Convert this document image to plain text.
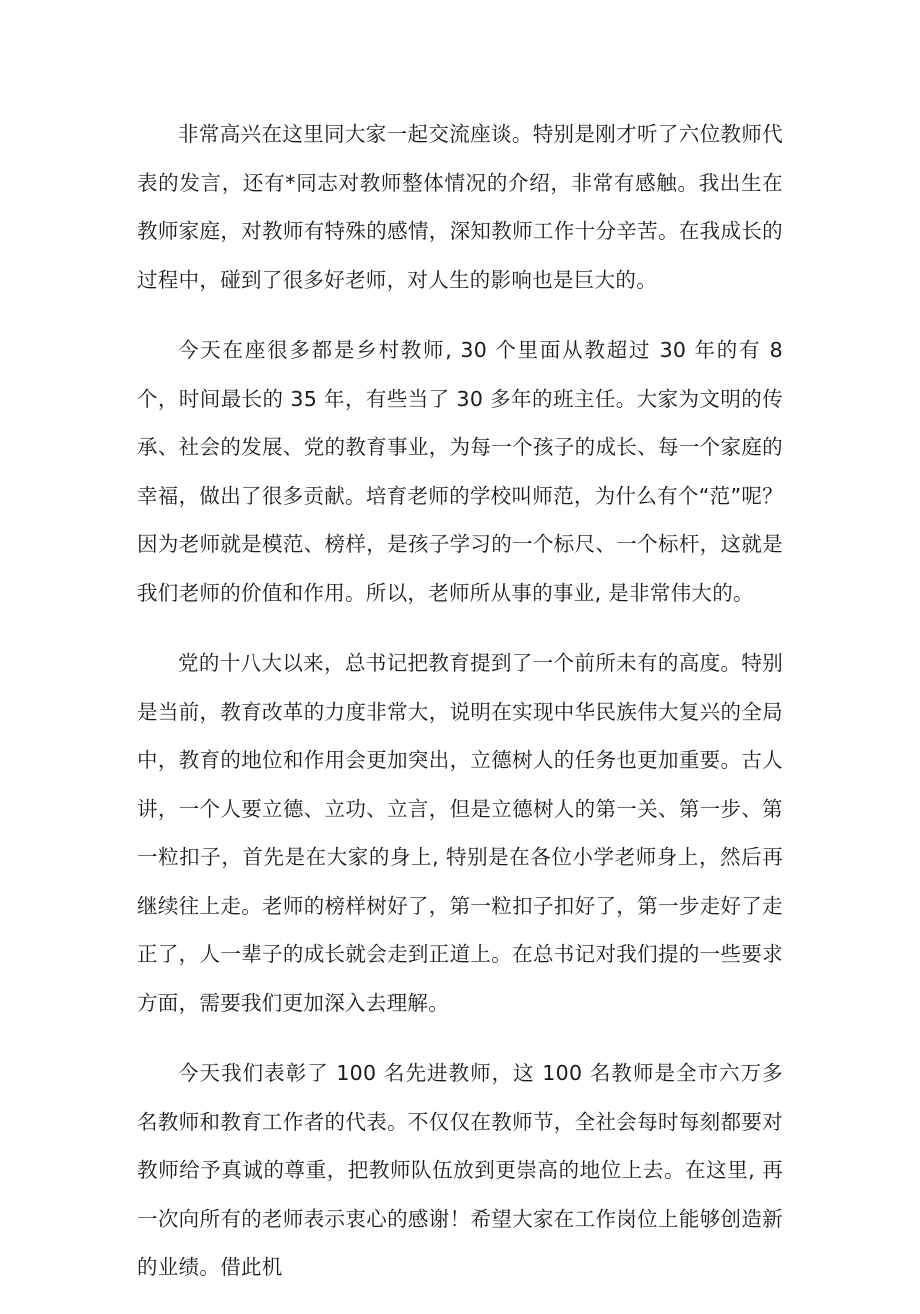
非常高兴在这里同大家一起交流座谈。特别是刚才听了六位教师代表的发言，还有*同志对教师整体情况的介绍，非常有感触。我出生在教师家庭，对教师有特殊的感情，深知教师工作十分辛苦。在我成长的过程中，碰到了很多好老师，对人生的影响也是巨大的。

今天在座很多都是乡村教师, 30 个里面从教超过 30 年的有 8 个，时间最长的 35 年，有些当了 30 多年的班主任。大家为文明的传承、社会的发展、党的教育事业，为每一个孩子的成长、每一个家庭的幸福，做出了很多贡献。培育老师的学校叫师范，为什么有个“范”呢？因为老师就是模范、榜样，是孩子学习的一个标尺、一个标杆，这就是我们老师的价值和作用。所以，老师所从事的事业, 是非常伟大的。

党的十八大以来，总书记把教育提到了一个前所未有的高度。特别是当前，教育改革的力度非常大，说明在实现中华民族伟大复兴的全局中，教育的地位和作用会更加突出，立德树人的任务也更加重要。古人讲，一个人要立德、立功、立言，但是立德树人的第一关、第一步、第一粒扣子，首先是在大家的身上, 特别是在各位小学老师身上，然后再继续往上走。老师的榜样树好了，第一粒扣子扣好了，第一步走好了走正了，人一辈子的成长就会走到正道上。在总书记对我们提的一些要求方面，需要我们更加深入去理解。

今天我们表彰了 100 名先进教师，这 100 名教师是全市六万多名教师和教育工作者的代表。不仅仅在教师节，全社会每时每刻都要对教师给予真诚的尊重，把教师队伍放到更崇高的地位上去。在这里, 再一次向所有的老师表示衷心的感谢！希望大家在工作岗位上能够创造新的业绩。借此机
